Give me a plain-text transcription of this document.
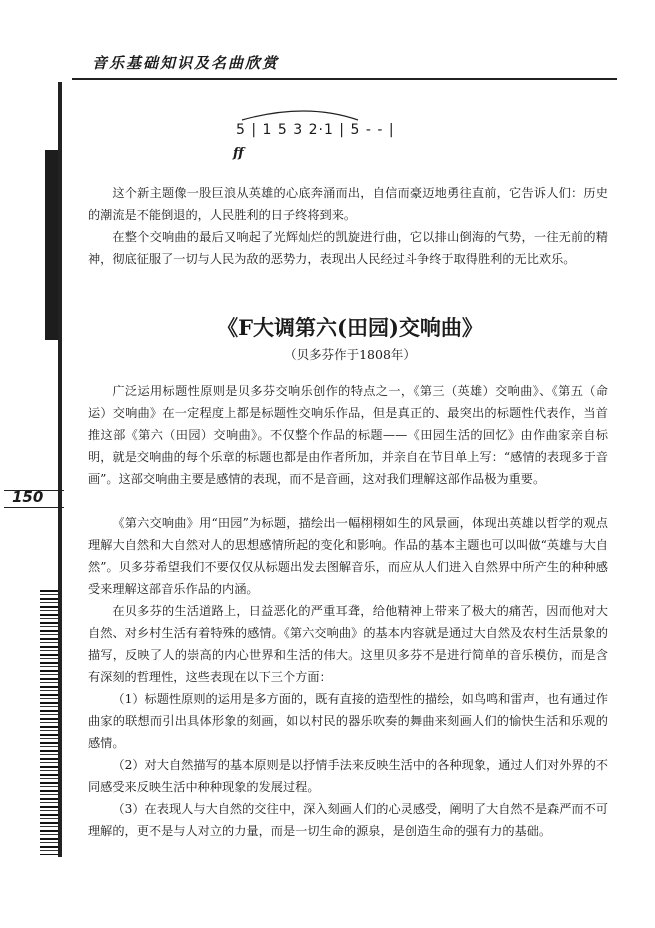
音乐基础知识及名曲欣赏
5 | 1 5 3 2·1 | 5 - - |
ff
这个新主题像一股巨浪从英雄的心底奔涌而出，自信而豪迈地勇往直前，它告诉人们：历史的潮流是不能倒退的，人民胜利的日子终将到来。
在整个交响曲的最后又响起了光辉灿烂的凯旋进行曲，它以排山倒海的气势，一往无前的精神，彻底征服了一切与人民为敌的恶势力，表现出人民经过斗争终于取得胜利的无比欢乐。
《F大调第六(田园)交响曲》
（贝多芬作于1808年）
广泛运用标题性原则是贝多芬交响乐创作的特点之一，《第三（英雄）交响曲》、《第五（命运）交响曲》在一定程度上都是标题性交响乐作品，但是真正的、最突出的标题性代表作，当首推这部《第六（田园）交响曲》。不仅整个作品的标题——《田园生活的回忆》由作曲家亲自标明，就是交响曲的每个乐章的标题也都是由作者所加，并亲自在节目单上写：“感情的表现多于音画”。这部交响曲主要是感情的表现，而不是音画，这对我们理解这部作品极为重要。
《第六交响曲》用“田园”为标题，描绘出一幅栩栩如生的风景画，体现出英雄以哲学的观点理解大自然和大自然对人的思想感情所起的变化和影响。作品的基本主题也可以叫做“英雄与大自然”。贝多芬希望我们不要仅仅从标题出发去图解音乐，而应从人们进入自然界中所产生的种种感受来理解这部音乐作品的内涵。
在贝多芬的生活道路上，日益恶化的严重耳聋，给他精神上带来了极大的痛苦，因而他对大自然、对乡村生活有着特殊的感情。《第六交响曲》的基本内容就是通过大自然及农村生活景象的描写，反映了人的崇高的内心世界和生活的伟大。这里贝多芬不是进行简单的音乐模仿，而是含有深刻的哲理性，这些表现在以下三个方面：
（1）标题性原则的运用是多方面的，既有直接的造型性的描绘，如鸟鸣和雷声，也有通过作曲家的联想而引出具体形象的刻画，如以村民的器乐吹奏的舞曲来刻画人们的愉快生活和乐观的感情。
（2）对大自然描写的基本原则是以抒情手法来反映生活中的各种现象，通过人们对外界的不同感受来反映生活中种种现象的发展过程。
（3）在表现人与大自然的交往中，深入刻画人们的心灵感受，阐明了大自然不是森严而不可理解的，更不是与人对立的力量，而是一切生命的源泉，是创造生命的强有力的基础。
150
